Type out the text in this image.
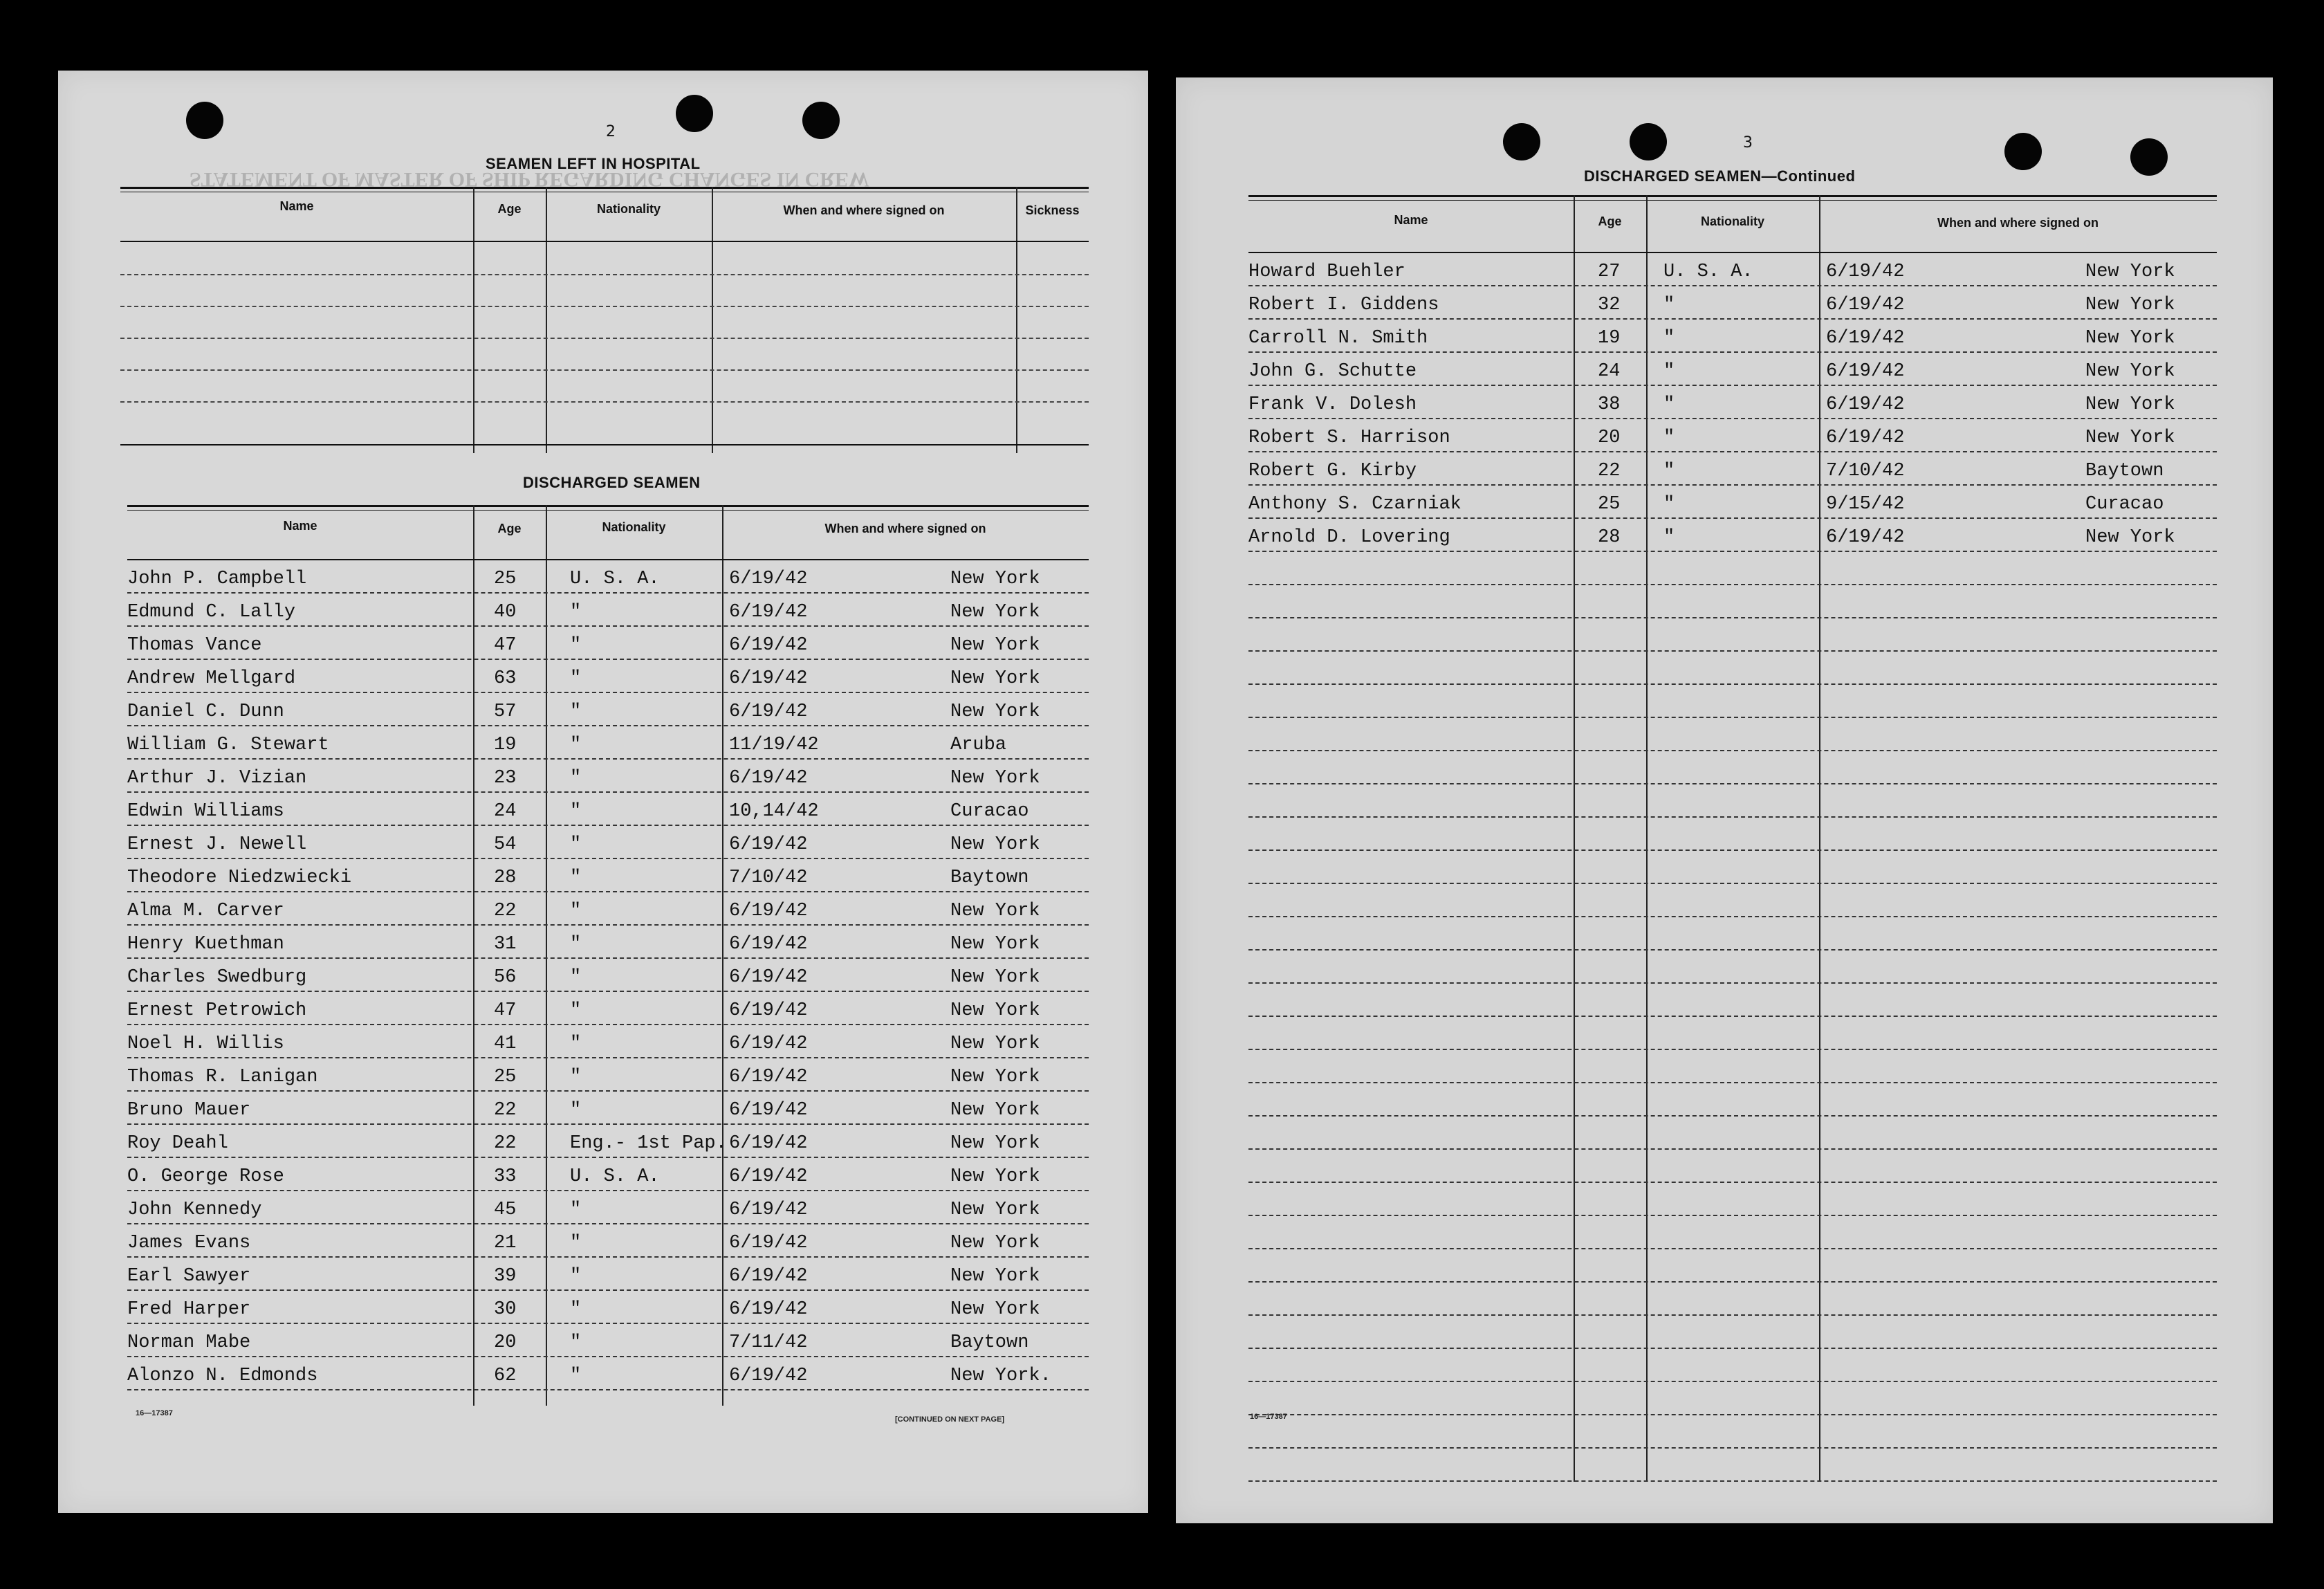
STATEMENT OF MASTER OF SHIP REGARDING CHANGES IN CREW
2
SEAMEN LEFT IN HOSPITAL
Name	Age	Nationality	When and where signed on	Sickness
DISCHARGED SEAMEN
Name	Age	Nationality	When and where signed on
John P. Campbell	25	U. S. A.	6/19/42	New York
Edmund C. Lally	40	"	6/19/42	New York
Thomas Vance	47	"	6/19/42	New York
Andrew Mellgard	63	"	6/19/42	New York
Daniel C. Dunn	57	"	6/19/42	New York
William G. Stewart	19	"	11/19/42	Aruba
Arthur J. Vizian	23	"	6/19/42	New York
Edwin Williams	24	"	10,14/42	Curacao
Ernest J. Newell	54	"	6/19/42	New York
Theodore Niedzwiecki	28	"	7/10/42	Baytown
Alma M. Carver	22	"	6/19/42	New York
Henry Kuethman	31	"	6/19/42	New York
Charles Swedburg	56	"	6/19/42	New York
Ernest Petrowich	47	"	6/19/42	New York
Noel H. Willis	41	"	6/19/42	New York
Thomas R. Lanigan	25	"	6/19/42	New York
Bruno Mauer	22	"	6/19/42	New York
Roy Deahl	22	Eng.- 1st Pap. 6/19/42	New York
O. George Rose	33	U. S. A.	6/19/42	New York
John Kennedy	45	"	6/19/42	New York
James Evans	21	"	6/19/42	New York
Earl Sawyer	39	"	6/19/42	New York
Fred Harper	30	"	6/19/42	New York
Norman Mabe	20	"	7/11/42	Baytown
Alonzo N. Edmonds	62	"	6/19/42	New York.
16—17387
[CONTINUED ON NEXT PAGE]
3
DISCHARGED SEAMEN—Continued
Name	Age	Nationality	When and where signed on
Howard Buehler	27 U. S. A.	6/19/42	New York
Robert I. Giddens	32 "	6/19/42	New York
Carroll N. Smith	19 "	6/19/42	New York
John G. Schutte	24 "	6/19/42	New York
Frank V. Dolesh	38 "	6/19/42	New York
Robert S. Harrison	20 "	6/19/42	New York
Robert G. Kirby	22 "	7/10/42	Baytown
Anthony S. Czarniak	25 "	9/15/42	Curacao
Arnold D. Lovering	28 "	6/19/42	New York
16—17387
